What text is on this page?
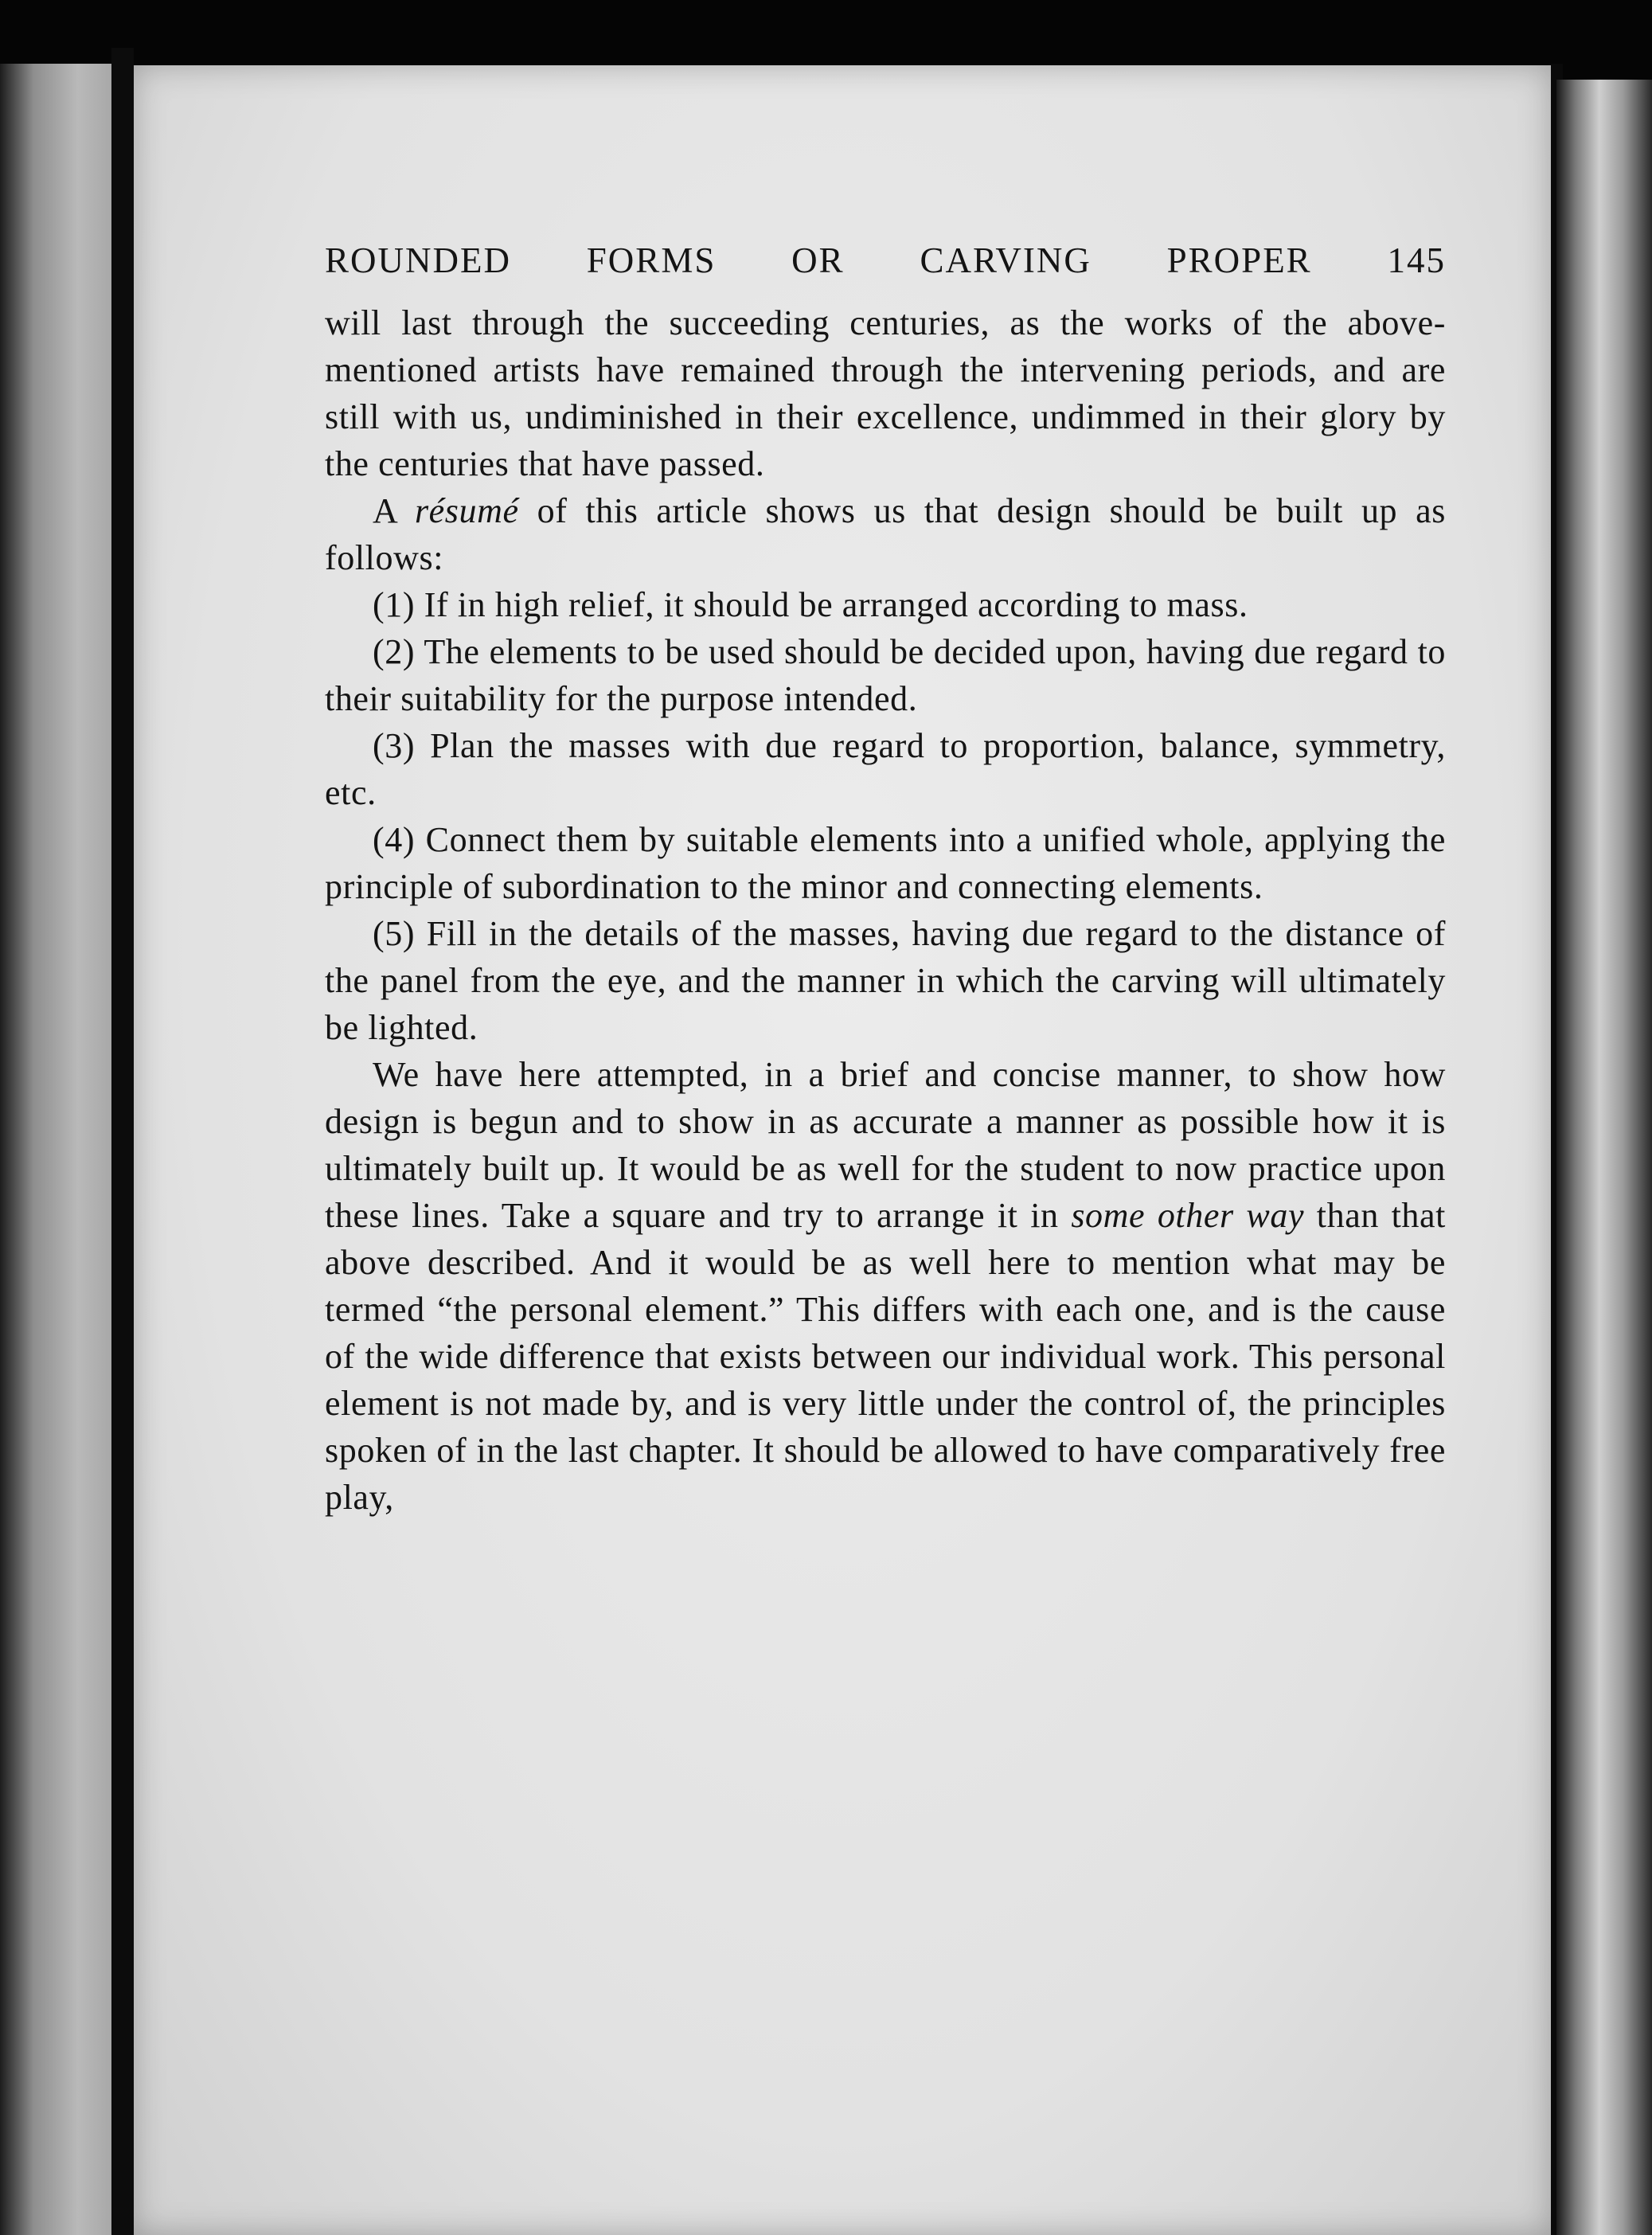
ROUNDED FORMS OR CARVING PROPER 145

will last through the succeeding centuries, as the works of the above-mentioned artists have remained through the intervening periods, and are still with us, undiminished in their excellence, undimmed in their glory by the centuries that have passed.

A résumé of this article shows us that design should be built up as follows:

(1) If in high relief, it should be arranged according to mass.

(2) The elements to be used should be decided upon, having due regard to their suitability for the purpose intended.

(3) Plan the masses with due regard to proportion, balance, symmetry, etc.

(4) Connect them by suitable elements into a unified whole, applying the principle of subordination to the minor and connecting elements.

(5) Fill in the details of the masses, having due regard to the distance of the panel from the eye, and the manner in which the carving will ultimately be lighted.

We have here attempted, in a brief and concise manner, to show how design is begun and to show in as accurate a manner as possible how it is ultimately built up. It would be as well for the student to now practice upon these lines. Take a square and try to arrange it in some other way than that above described. And it would be as well here to mention what may be termed “the personal element.” This differs with each one, and is the cause of the wide difference that exists between our individual work. This personal element is not made by, and is very little under the control of, the principles spoken of in the last chapter. It should be allowed to have comparatively free play,
